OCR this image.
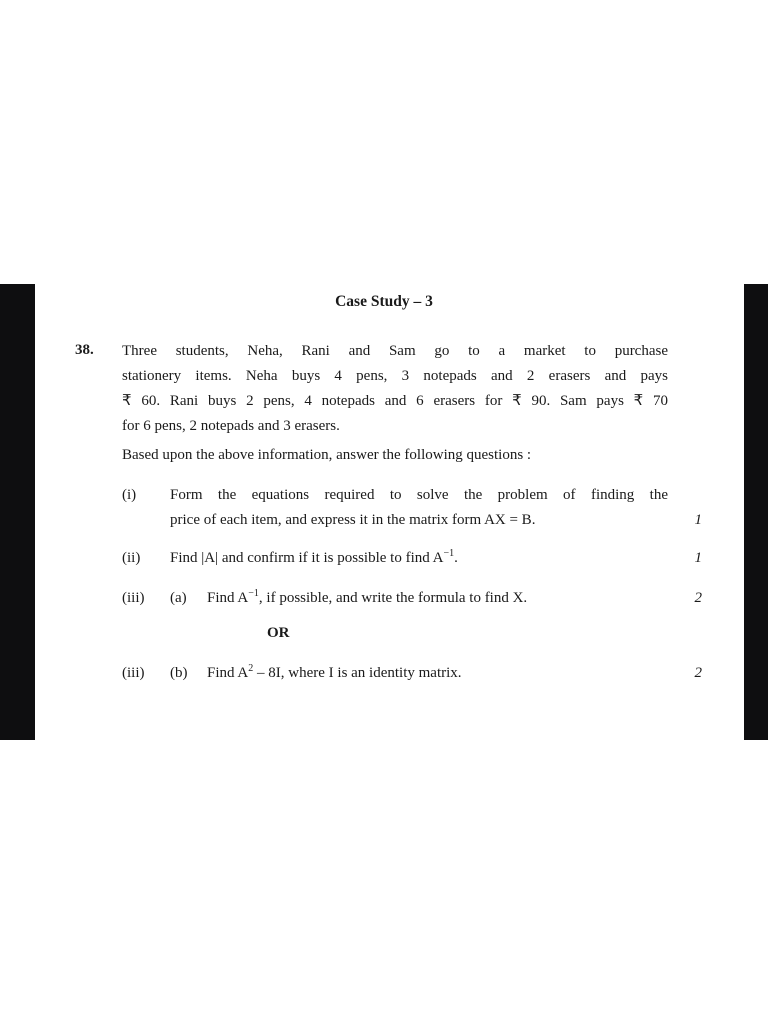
Case Study – 3
38. Three students, Neha, Rani and Sam go to a market to purchase
stationery items. Neha buys 4 pens, 3 notepads and 2 erasers and pays
₹ 60. Rani buys 2 pens, 4 notepads and 6 erasers for ₹ 90. Sam pays ₹ 70
for 6 pens, 2 notepads and 3 erasers.
Based upon the above information, answer the following questions :
(i) Form the equations required to solve the problem of finding the
price of each item, and express it in the matrix form AX = B.	1
(ii) Find |A| and confirm if it is possible to find $A^{-1}$.	1
(iii) (a) Find $A^{-1}$, if possible, and write the formula to find X.	2
OR
(iii) (b) Find $A^2 - 8I$, where I is an identity matrix.	2
